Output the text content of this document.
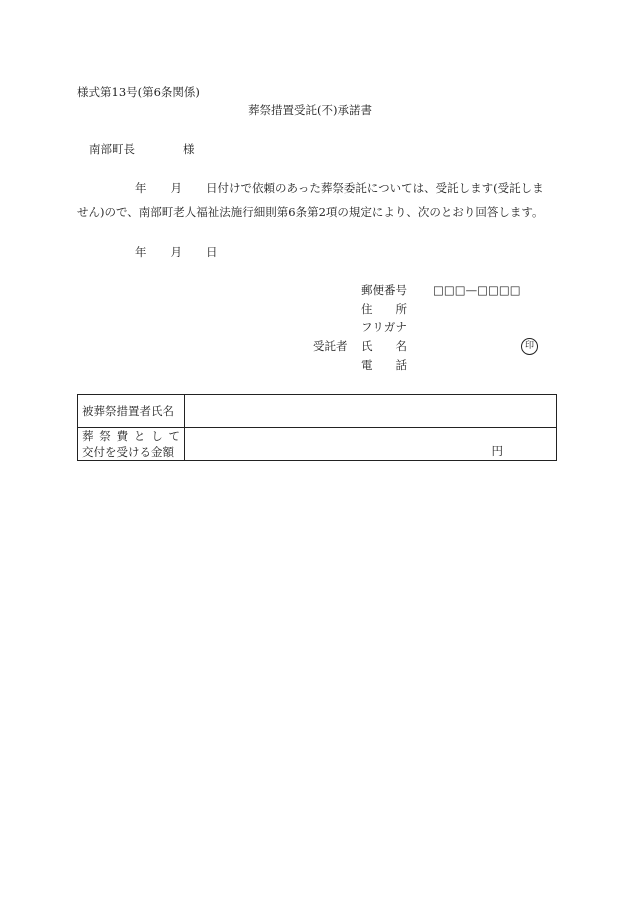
様式第13号(第6条関係)
葬祭措置受託(不)承諾書
南部町長	様
年 月 日付けで依頼のあった葬祭委託については、受託します(受託しま
せん)ので、南部町老人福祉法施行細則第6条第2項の規定により、次のとおり回答します。
年 月 日
郵便番号 □□□—□□□□
住所
フリガナ
受託者 氏名	印
電話
被葬祭措置者氏名	

葬祭費として
交付を受ける金額	円
